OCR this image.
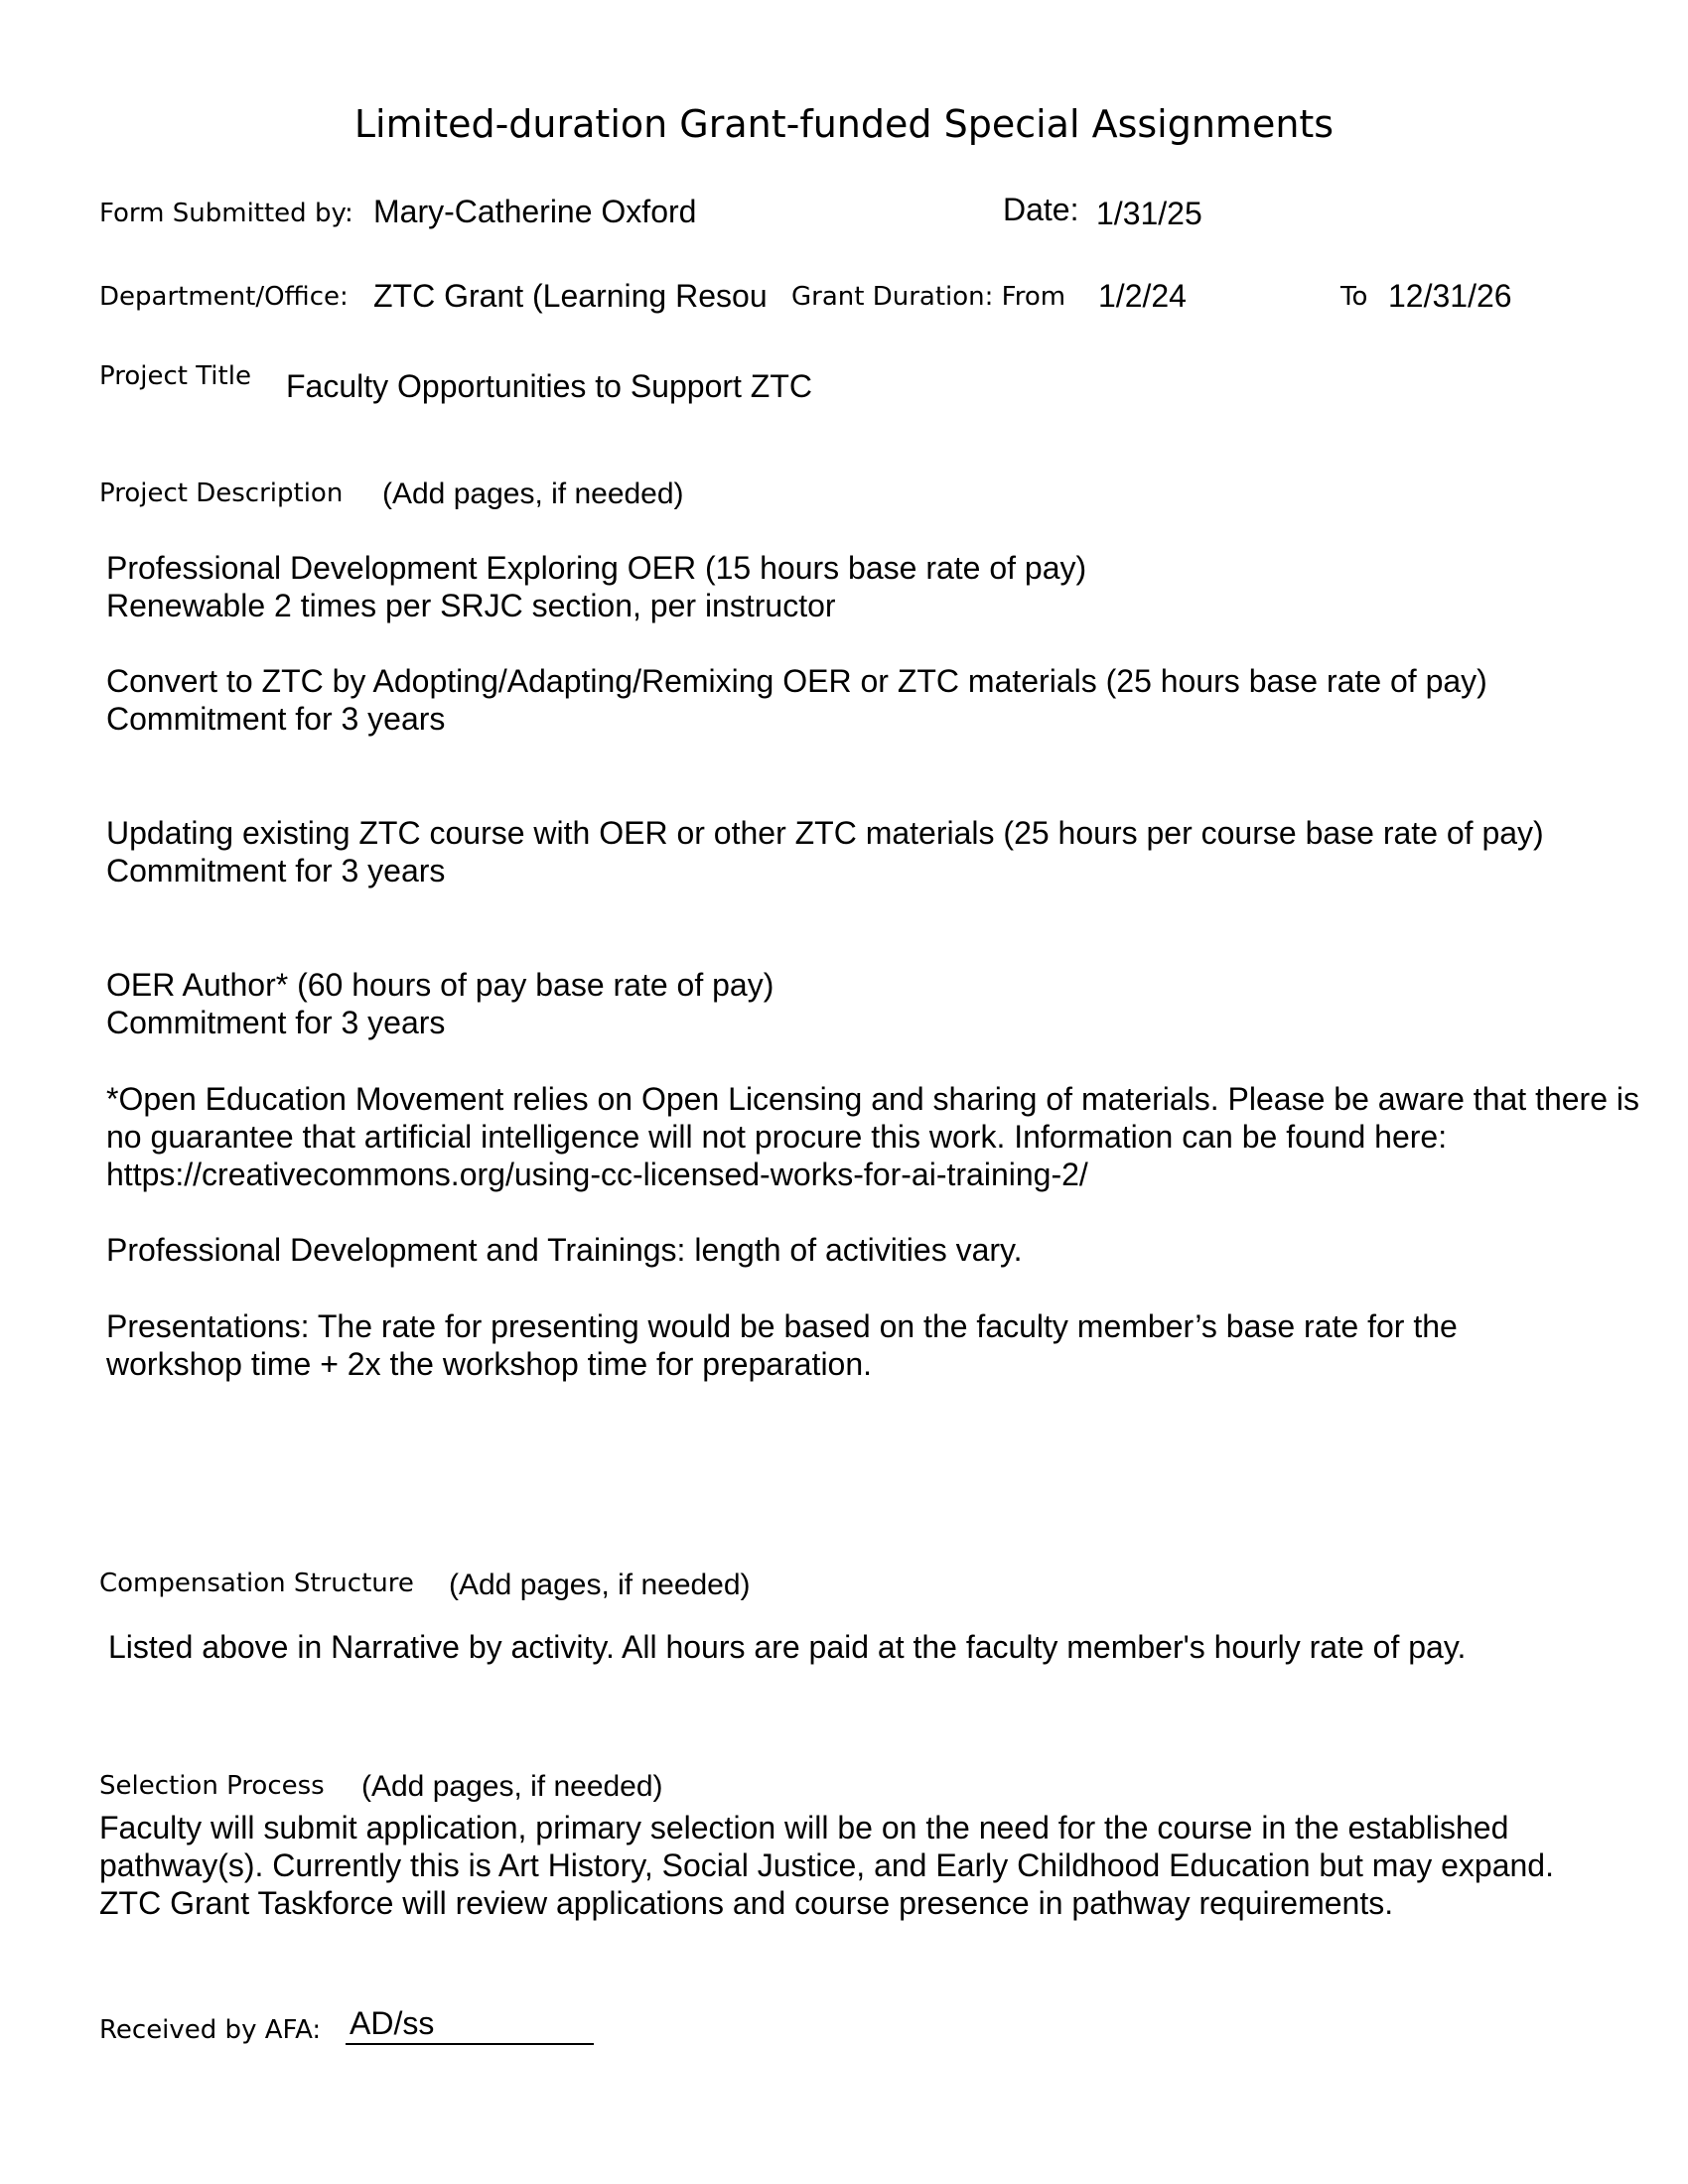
Limited-duration Grant-funded Special Assignments
Form Submitted by: Mary-Catherine Oxford	Date: 1/31/25
Department/Office: ZTC Grant (Learning Resou Grant Duration: From 1/2/24	To 12/31/26
Project Title Faculty Opportunities to Support ZTC
Project Description (Add pages, if needed)

Professional Development Exploring OER (15 hours base rate of pay)

Renewable 2 times per SRJC section, per instructor

Convert to ZTC by Adopting/Adapting/Remixing OER or ZTC materials (25 hours base rate of pay)

Commitment for 3 years

Updating existing ZTC course with OER or other ZTC materials (25 hours per course base rate of pay)

Commitment for 3 years

OER Author* (60 hours of pay base rate of pay)

Commitment for 3 years

*Open Education Movement relies on Open Licensing and sharing of materials. Please be aware that there is no guarantee that artificial intelligence will not procure this work. Information can be found here: https://creativecommons.org/using-cc-licensed-works-for-ai-training-2/
Professional Development and Trainings: length of activities vary.
Presentations: The rate for presenting would be based on the faculty member’s base rate for the workshop time + 2x the workshop time for preparation.
Compensation Structure (Add pages, if needed)
Listed above in Narrative by activity. All hours are paid at the faculty member's hourly rate of pay.
Selection Process (Add pages, if needed)
Faculty will submit application, primary selection will be on the need for the course in the established pathway(s). Currently this is Art History, Social Justice, and Early Childhood Education but may expand. ZTC Grant Taskforce will review applications and course presence in pathway requirements.
Received by AFA: AD/ss
